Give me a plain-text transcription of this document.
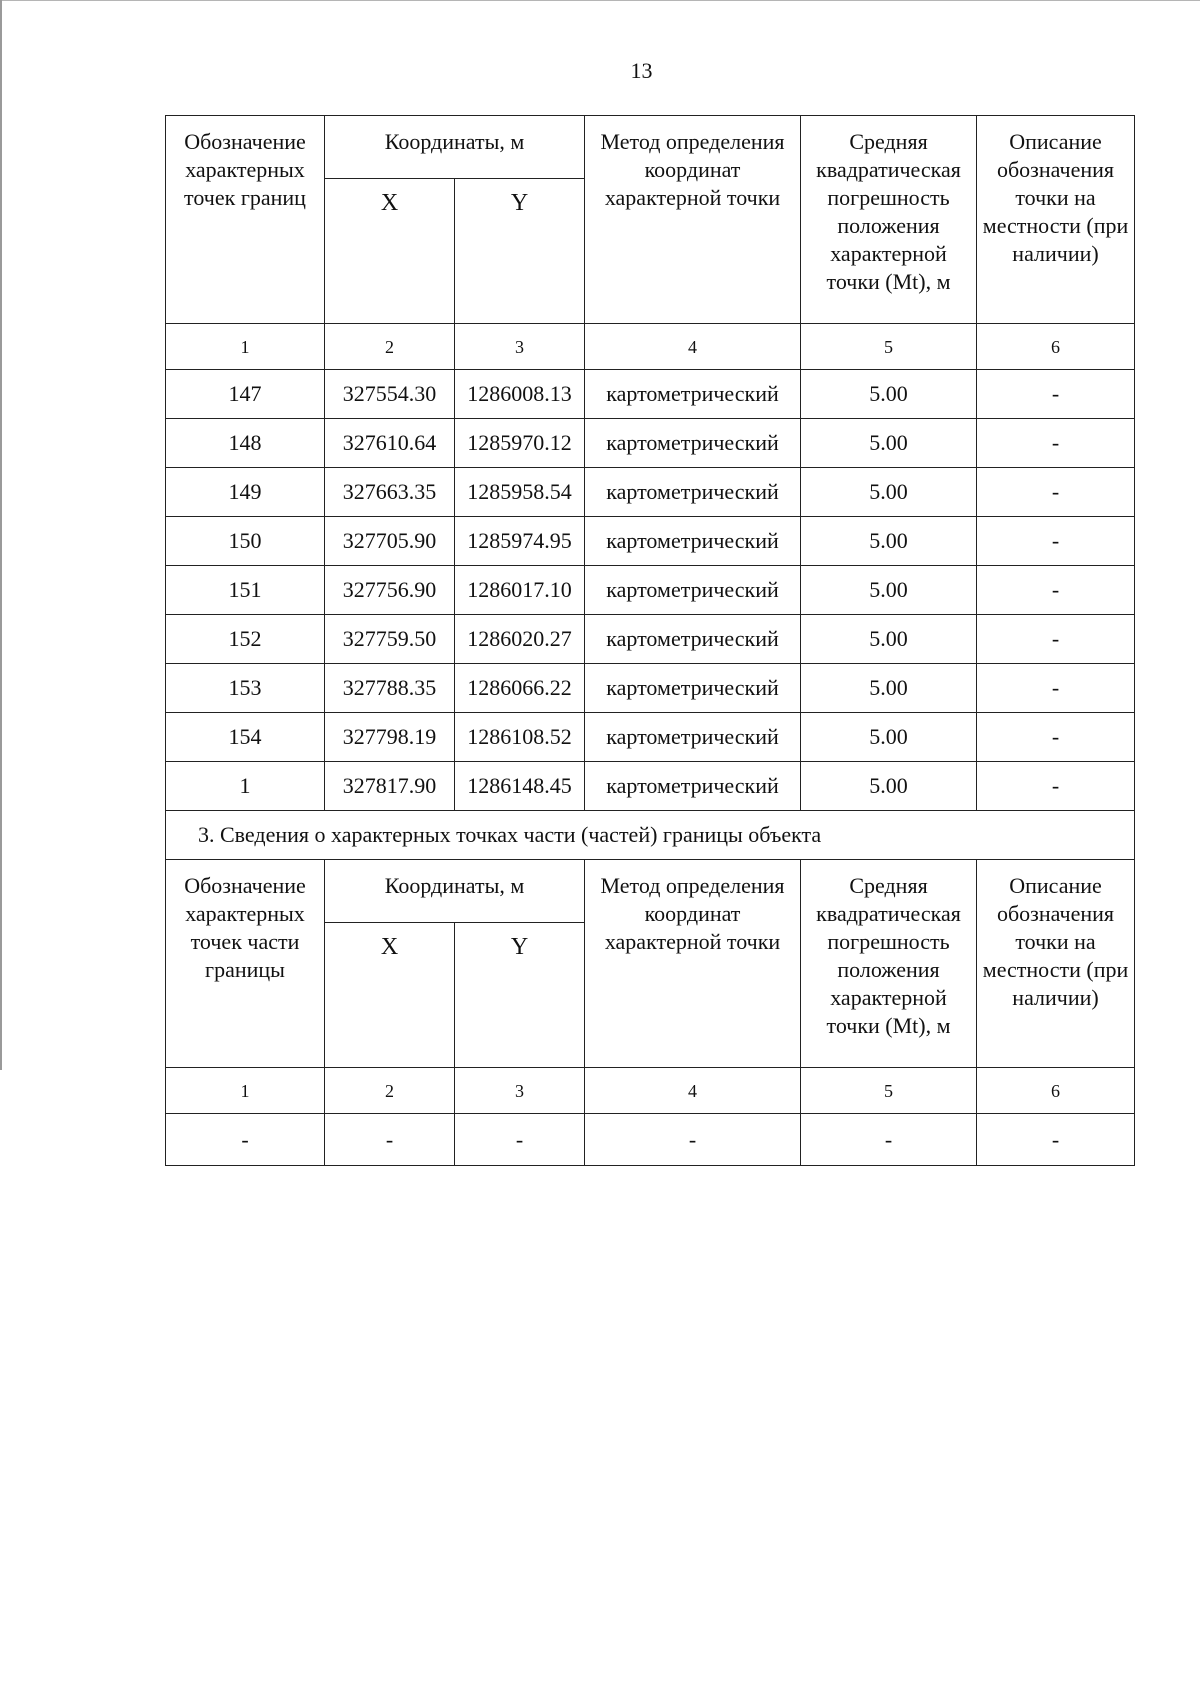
13
Обозначение характерных точек границ	Координаты, м		Метод определения координат характерной точки	Средняя квадратическая погрешность положения характерной точки (Mt), м	Описание обозначения точки на местности (при наличии)
	X	Y			
1	2	3	4	5	6
147	327554.30	1286008.13	картометрический	5.00	-
148	327610.64	1285970.12	картометрический	5.00	-
149	327663.35	1285958.54	картометрический	5.00	-
150	327705.90	1285974.95	картометрический	5.00	-
151	327756.90	1286017.10	картометрический	5.00	-
152	327759.50	1286020.27	картометрический	5.00	-
153	327788.35	1286066.22	картометрический	5.00	-
154	327798.19	1286108.52	картометрический	5.00	-
1	327817.90	1286148.45	картометрический	5.00	-
3. Сведения о характерных точках части (частей) границы объекта					
Обозначение характерных точек части границы	Координаты, м		Метод определения координат характерной точки	Средняя квадратическая погрешность положения характерной точки (Mt), м	Описание обозначения точки на местности (при наличии)
	X	Y			
1	2	3	4	5	6
-	-	-	-	-	-
